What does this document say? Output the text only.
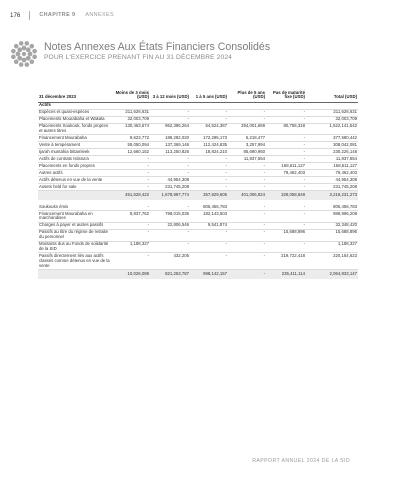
176	CHAPITRE 9 ANNEXES
Notes Annexes Aux États Financiers Consolidés
POUR L'EXERCICE PRENANT FIN AU 31 DÉCEMBRE 2024
31 décembre 2023	Moins de 3 mois (USD)	3 à 12 mois (USD)	1 à 5 ans (USD)	Plus de 5 ans (USD)	Pas de maturité fixe (USD)	Total (USD)
Actifs						
Espèces et quasi-espèces	211,626,631	-	-	-	-	211,626,631
Placements Mourabaha et Wakala	32,003,709	-	-	-	-	32,003,709
Placements Soukouk, fonds propres et autres titres	130,463,674	962,396,264	54,524,387	294,001,659	80,755,318	1,522,141,542
Financement Mourabaha	9,623,772	189,282,020	172,295,173	6,218,477	-	377,580,442
Vente à tempérament	55,050,094	137,369,146	112,424,835	3,257,994	-	308,042,081
Ijarah muntahia bittamleek	12,660,152	113,250,826	18,824,210	85,690,960	-	230,226,148
Actifs de contrats Istisna'a	-	-	-	11,837,554	-	11,837,554
Placements en fonds propres	-	-	-	-	168,611,127	168,611,127
Autres actifs	-	-	-	-	79,462,403	79,462,403
Actifs détenus en vue de la vente	-	44,954,308	-	-	-	44,954,308
Assets held for sale	-	231,745,208	-	-	-	231,745,208
	451,628,422	1,678,997,774	357,829,605	401,006,824	328,058,848	3,218,231,273

Soukouks émis	-	-	806,456,783	-	-	806,456,783
Financement Mourabaha en marchandises	8,837,762	798,015,036	182,143,503	-	-	988,996,208
Charges à payer et autres passifs	-	22,806,546	9,541,874	-	-	32,348,420
Passifs au titre du régime de retraite du personnel	-	-	-	-	15,688,896	15,688,896
Montants dus au Fonds de solidarité de la SID	1,188,327	-	-	-	-	1,188,327
Passifs directement liés aux actifs classés comme détenus en vue de la vente	-	432,205	-	-	219,722,418	220,154,623
	10,026,089	821,253,787	998,142,157	-	235,411,114	2,064,833,147
RAPPORT ANNUEL 2024 DE LA SID
